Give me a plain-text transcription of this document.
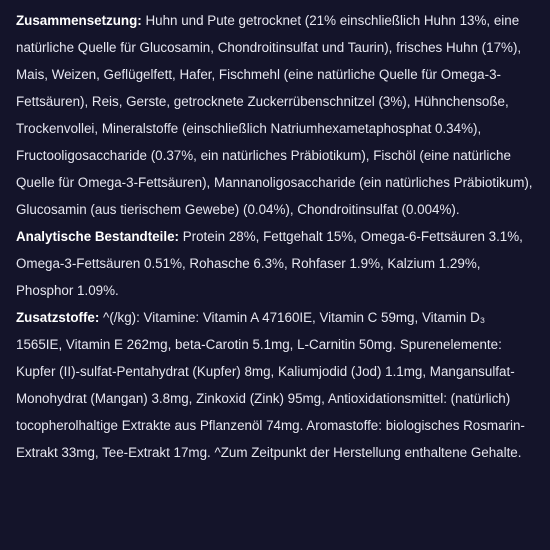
Zusammensetzung: Huhn und Pute getrocknet (21% einschließlich Huhn 13%, eine natürliche Quelle für Glucosamin, Chondroitinsulfat und Taurin), frisches Huhn (17%), Mais, Weizen, Geflügelfett, Hafer, Fischmehl (eine natürliche Quelle für Omega-3-Fettsäuren), Reis, Gerste, getrocknete Zuckerrübenschnitzel (3%), Hühnchensoße, Trockenvollei, Mineralstoffe (einschließlich Natriumhexametaphosphat 0.34%), Fructooligosaccharide (0.37%, ein natürliches Präbiotikum), Fischöl (eine natürliche Quelle für Omega-3-Fettsäuren), Mannanoligosaccharide (ein natürliches Präbiotikum), Glucosamin (aus tierischem Gewebe) (0.04%), Chondroitinsulfat (0.004%).

Analytische Bestandteile: Protein 28%, Fettgehalt 15%, Omega-6-Fettsäuren 3.1%, Omega-3-Fettsäuren 0.51%, Rohasche 6.3%, Rohfaser 1.9%, Kalzium 1.29%, Phosphor 1.09%.

Zusatzstoffe: ^(/kg): Vitamine: Vitamin A 47160IE, Vitamin C 59mg, Vitamin D₃ 1565IE, Vitamin E 262mg, beta-Carotin 5.1mg, L-Carnitin 50mg. Spurenelemente: Kupfer (II)-sulfat-Pentahydrat (Kupfer) 8mg, Kaliumjodid (Jod) 1.1mg, Mangansulfat-Monohydrat (Mangan) 3.8mg, Zinkoxid (Zink) 95mg, Antioxidationsmittel: (natürlich) tocopherolhaltige Extrakte aus Pflanzenöl 74mg. Aromastoffe: biologisches Rosmarin-Extrakt 33mg, Tee-Extrakt 17mg. ^Zum Zeitpunkt der Herstellung enthaltene Gehalte.
